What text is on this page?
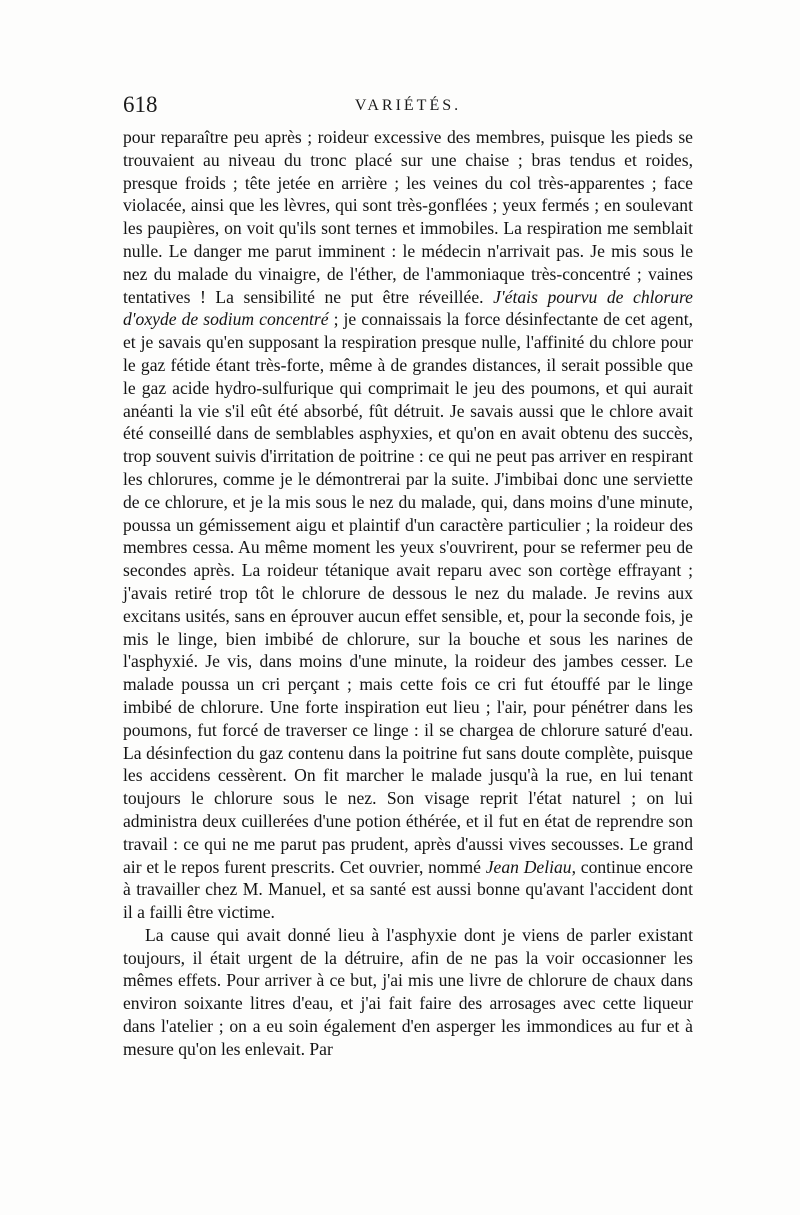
618	VARIÉTÉS.

pour reparaître peu après ; roideur excessive des membres, puisque les pieds se trouvaient au niveau du tronc placé sur une chaise ; bras tendus et roides, presque froids ; tête jetée en arrière ; les veines du col très-apparentes ; face violacée, ainsi que les lèvres, qui sont très-gonflées ; yeux fermés ; en soulevant les paupières, on voit qu'ils sont ternes et immobiles. La respiration me semblait nulle. Le danger me parut imminent : le médecin n'arrivait pas. Je mis sous le nez du malade du vinaigre, de l'éther, de l'ammoniaque très-concentré ; vaines tentatives ! La sensibilité ne put être réveillée. J'étais pourvu de chlorure d'oxyde de sodium concentré ; je connaissais la force désinfectante de cet agent, et je savais qu'en supposant la respiration presque nulle, l'affinité du chlore pour le gaz fétide étant très-forte, même à de grandes distances, il serait possible que le gaz acide hydro-sulfurique qui comprimait le jeu des poumons, et qui aurait anéanti la vie s'il eût été absorbé, fût détruit. Je savais aussi que le chlore avait été conseillé dans de semblables asphyxies, et qu'on en avait obtenu des succès, trop souvent suivis d'irritation de poitrine : ce qui ne peut pas arriver en respirant les chlorures, comme je le démontrerai par la suite. J'imbibai donc une serviette de ce chlorure, et je la mis sous le nez du malade, qui, dans moins d'une minute, poussa un gémissement aigu et plaintif d'un caractère particulier ; la roideur des membres cessa. Au même moment les yeux s'ouvrirent, pour se refermer peu de secondes après. La roideur tétanique avait reparu avec son cortège effrayant ; j'avais retiré trop tôt le chlorure de dessous le nez du malade. Je revins aux excitans usités, sans en éprouver aucun effet sensible, et, pour la seconde fois, je mis le linge, bien imbibé de chlorure, sur la bouche et sous les narines de l'asphyxié. Je vis, dans moins d'une minute, la roideur des jambes cesser. Le malade poussa un cri perçant ; mais cette fois ce cri fut étouffé par le linge imbibé de chlorure. Une forte inspiration eut lieu ; l'air, pour pénétrer dans les poumons, fut forcé de traverser ce linge : il se chargea de chlorure saturé d'eau. La désinfection du gaz contenu dans la poitrine fut sans doute complète, puisque les accidens cessèrent. On fit marcher le malade jusqu'à la rue, en lui tenant toujours le chlorure sous le nez. Son visage reprit l'état naturel ; on lui administra deux cuillerées d'une potion éthérée, et il fut en état de reprendre son travail : ce qui ne me parut pas prudent, après d'aussi vives secousses. Le grand air et le repos furent prescrits. Cet ouvrier, nommé Jean Deliau, continue encore à travailler chez M. Manuel, et sa santé est aussi bonne qu'avant l'accident dont il a failli être victime.

La cause qui avait donné lieu à l'asphyxie dont je viens de parler existant toujours, il était urgent de la détruire, afin de ne pas la voir occasionner les mêmes effets. Pour arriver à ce but, j'ai mis une livre de chlorure de chaux dans environ soixante litres d'eau, et j'ai fait faire des arrosages avec cette liqueur dans l'atelier ; on a eu soin également d'en asperger les immondices au fur et à mesure qu'on les enlevait. Par
